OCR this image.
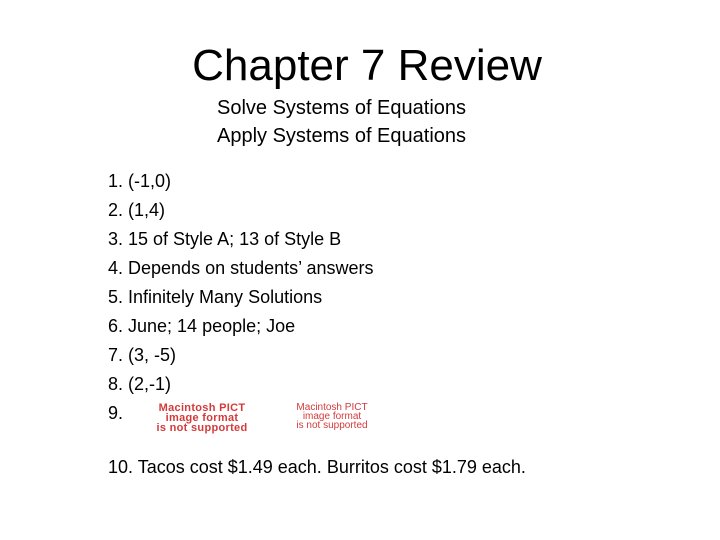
Chapter 7 Review
Solve Systems of Equations
Apply Systems of Equations
1. (-1,0)
2. (1,4)
3. 15 of Style A; 13 of Style B
4. Depends on students’ answers
5. Infinitely Many Solutions
6. June; 14 people; Joe
7. (3, -5)
8. (2,-1)
9.	Macintosh PICT
image format
is not supported
Macintosh PICT
image format
is not supported
10. Tacos cost $1.49 each. Burritos cost $1.79 each.
